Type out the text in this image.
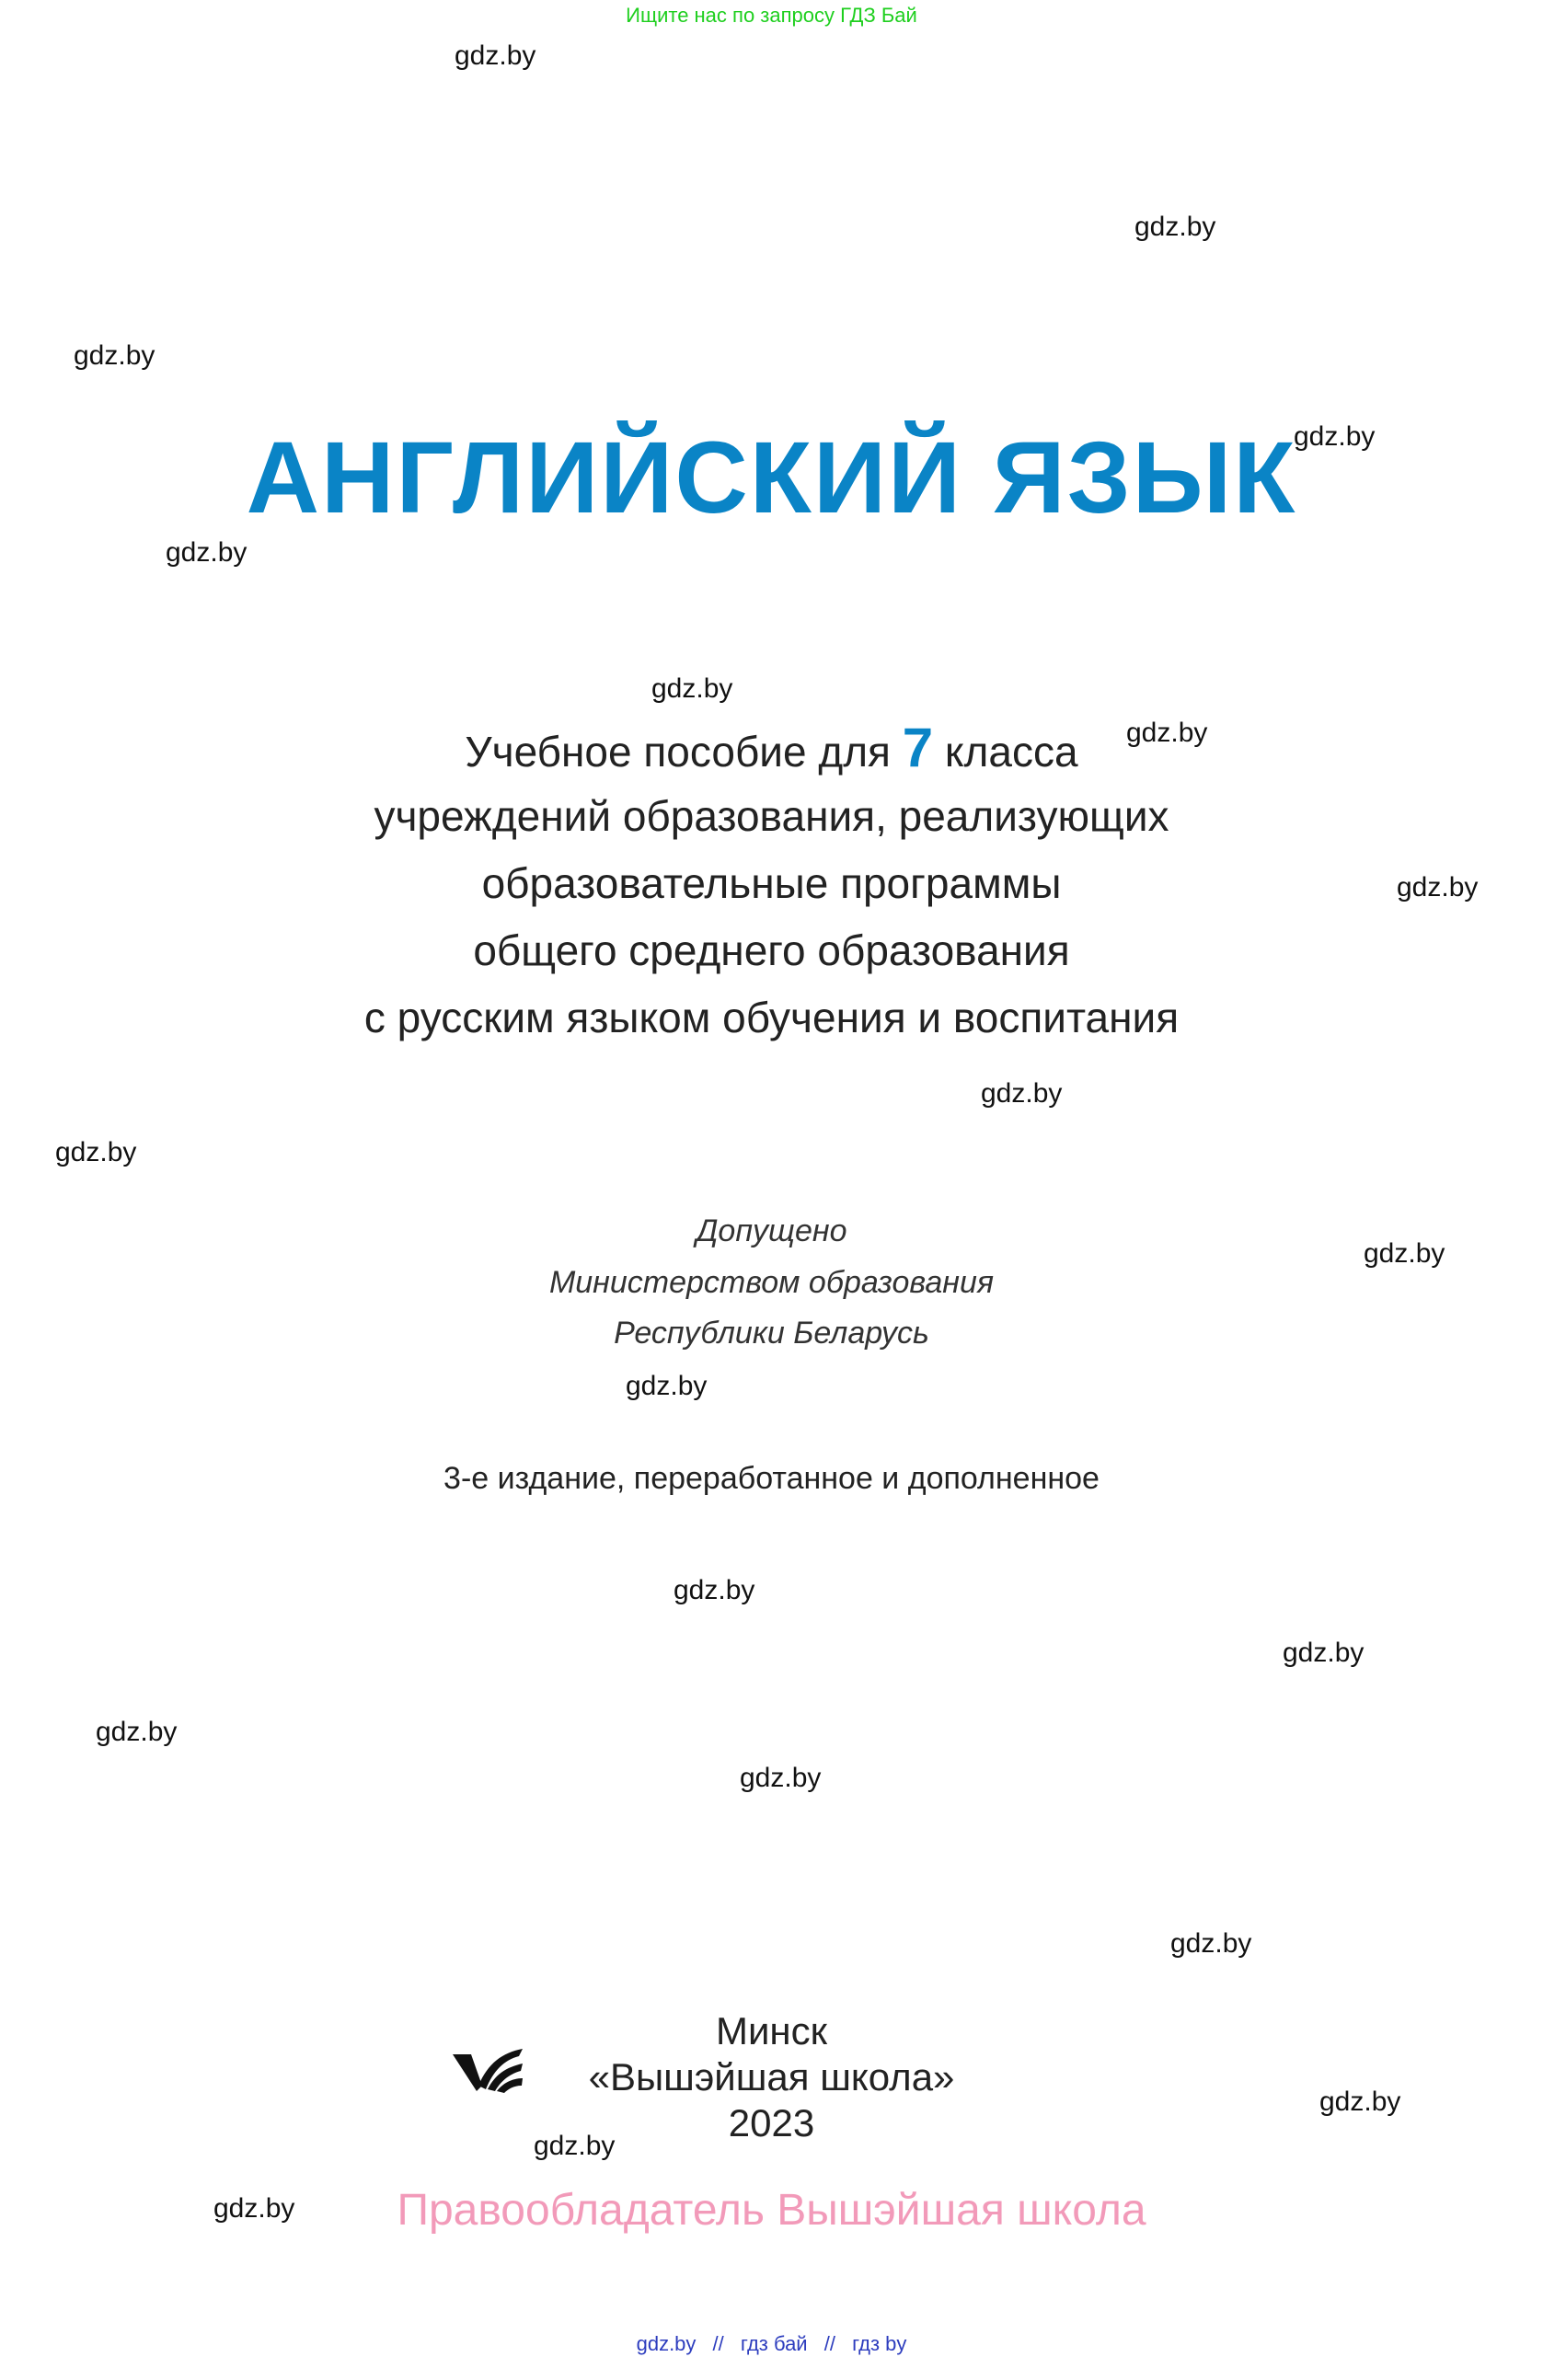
Ищите нас по запросу ГДЗ Бай
gdz.by
gdz.by
gdz.by
gdz.by
gdz.by
gdz.by
gdz.by
gdz.by
gdz.by
gdz.by
gdz.by
gdz.by
gdz.by
gdz.by
gdz.by
gdz.by
gdz.by
gdz.by
gdz.by
gdz.by
АНГЛИЙСКИЙ ЯЗЫК
Учебное пособие для 7 класса
учреждений образования, реализующих
образовательные программы
общего среднего образования
с русским языком обучения и воспитания
Допущено
Министерством образования
Республики Беларусь
3-е издание, переработанное и дополненное
Минск
«Вышэйшая школа»
2023
Правообладатель Вышэйшая школа
gdz.by // гдз бай // гдз by
